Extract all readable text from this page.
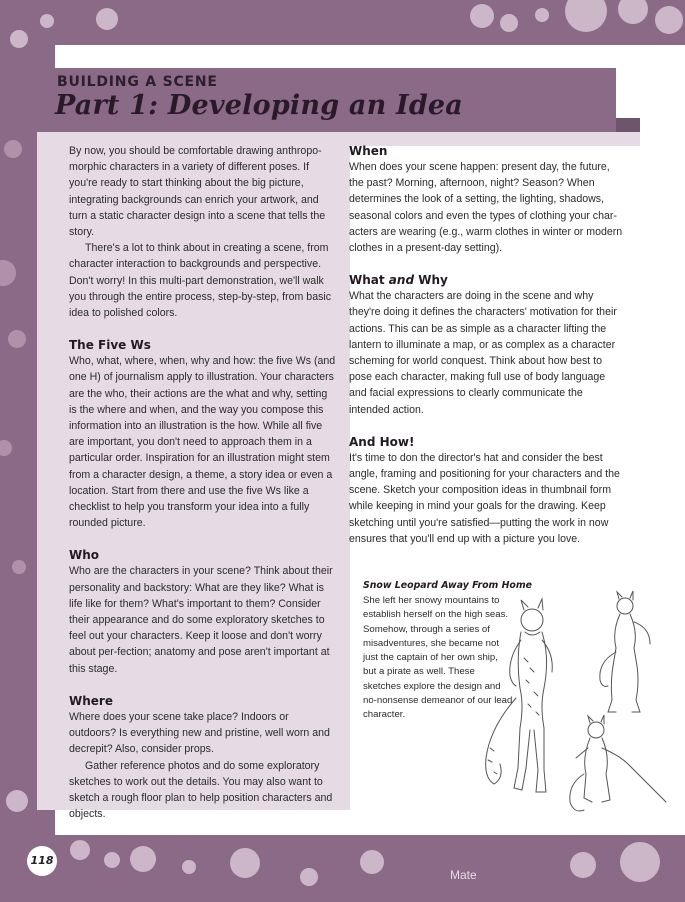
BUILDING A SCENE
Part 1: Developing an Idea

By now, you should be comfortable drawing anthropo-morphic characters in a variety of different poses. If you're ready to start thinking about the big picture, integrating backgrounds can enrich your artwork, and turn a static character design into a scene that tells the story.

There's a lot to think about in creating a scene, from character interaction to backgrounds and perspective. Don't worry! In this multi-part demonstration, we'll walk you through the entire process, step-by-step, from basic idea to polished colors.

The Five Ws

Who, what, where, when, why and how: the five Ws (and one H) of journalism apply to illustration. Your characters are the who, their actions are the what and why, setting is the where and when, and the way you compose this information into an illustration is the how. While all five are important, you don't need to approach them in a particular order. Inspiration for an illustration might stem from a character design, a theme, a story idea or even a location. Start from there and use the five Ws like a checklist to help you transform your idea into a fully rounded picture.

Who

Who are the characters in your scene? Think about their personality and backstory: What are they like? What is life like for them? What's important to them? Consider their appearance and do some exploratory sketches to feel out your characters. Keep it loose and don't worry about per-fection; anatomy and pose aren't important at this stage.

Where

Where does your scene take place? Indoors or outdoors? Is everything new and pristine, well worn and decrepit? Also, consider props.

Gather reference photos and do some exploratory sketches to work out the details. You may also want to sketch a rough floor plan to help position characters and objects.

When

When does your scene happen: present day, the future, the past? Morning, afternoon, night? Season? When determines the look of a setting, the lighting, shadows, seasonal colors and even the types of clothing your char-acters are wearing (e.g., warm clothes in winter or modern clothes in a present-day setting).

What and Why

What the characters are doing in the scene and why they're doing it defines the characters' motivation for their actions. This can be as simple as a character lifting the lantern to illuminate a map, or as complex as a character scheming for world conquest. Think about how best to pose each character, making full use of body language and facial expressions to clearly communicate the intended action.

And How!

It's time to don the director's hat and consider the best angle, framing and positioning for your characters and the scene. Sketch your composition ideas in thumbnail form while keeping in mind your goals for the drawing. Keep sketching until you're satisfied—putting the work in now ensures that you'll end up with a picture you love.

Snow Leopard Away From Home

She left her snowy mountains to establish herself on the high seas. Somehow, through a series of misadventures, she became not just the captain of her own ship, but a pirate as well. These sketches explore the design and no-nonsense demeanor of our lead character.

118
Mate
